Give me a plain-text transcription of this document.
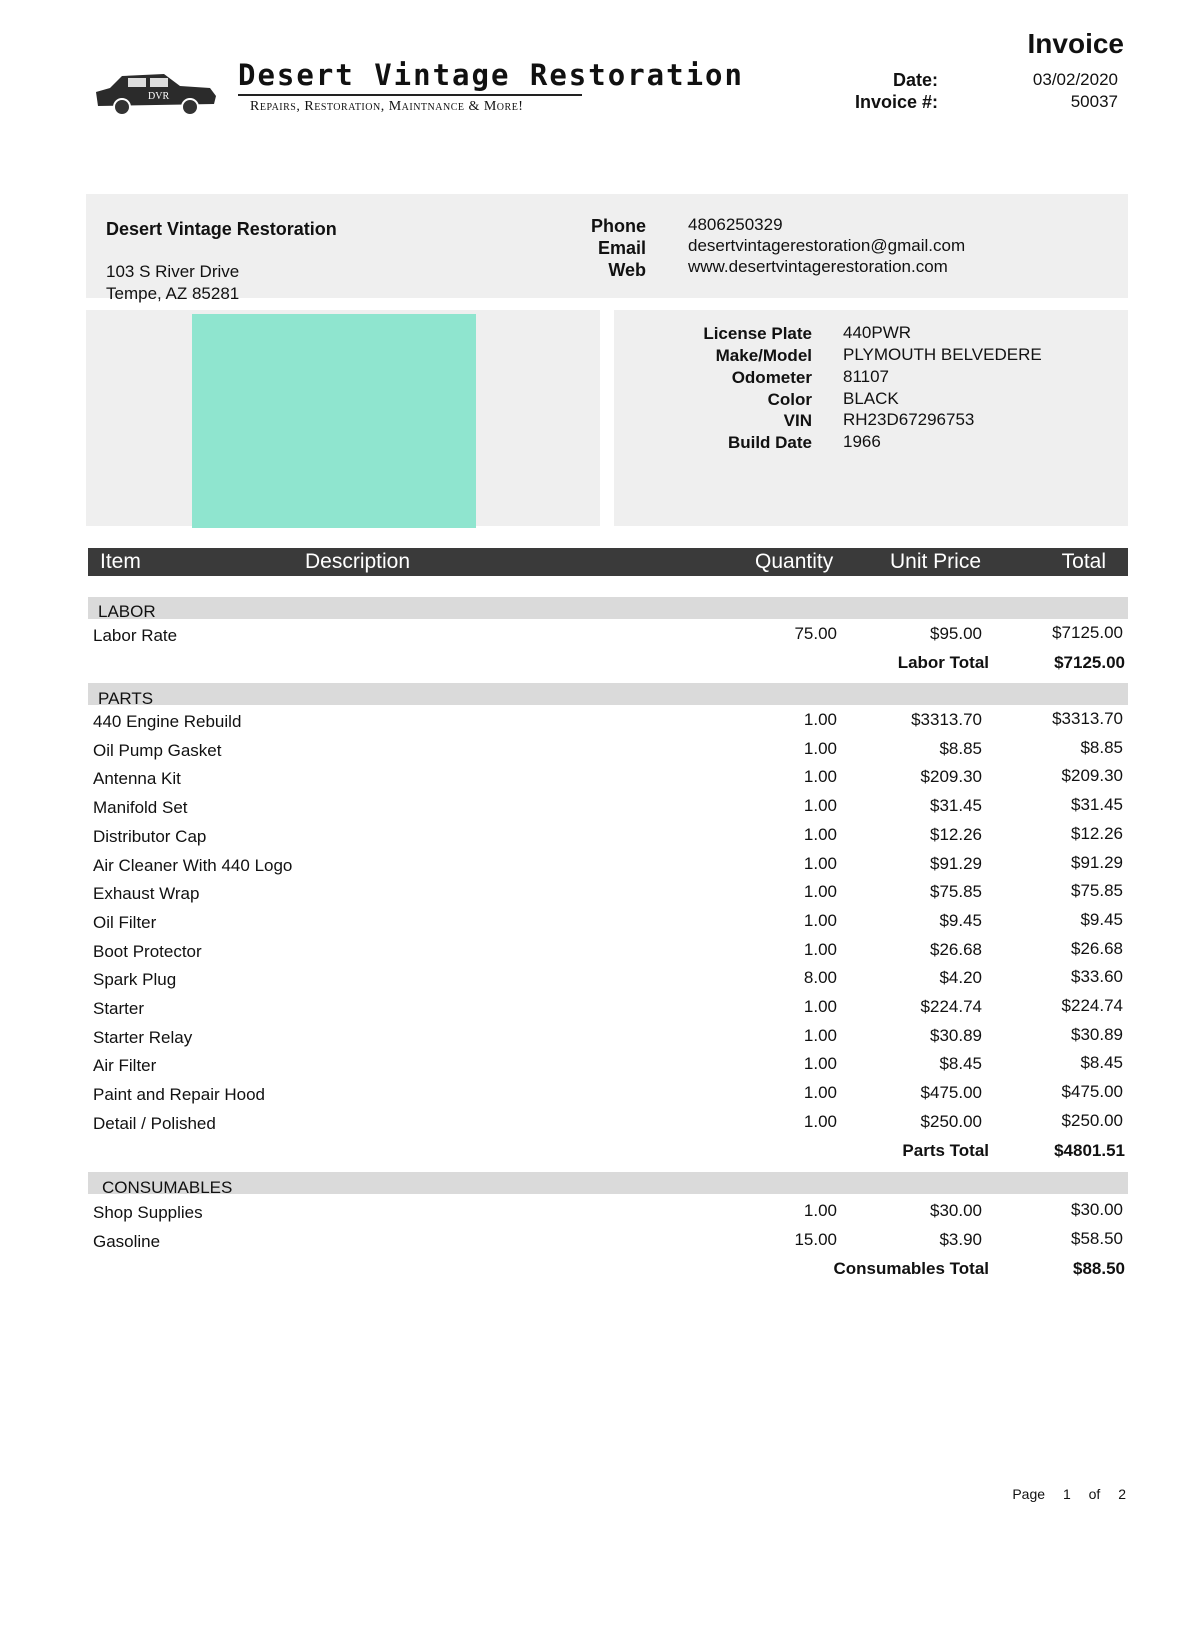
DVR
Desert Vintage Restoration
Repairs, Restoration, Maintnance & More!
Invoice
Date:	03/02/2020
Invoice #:	50037
Desert Vintage Restoration
103 S River Drive
Tempe, AZ 85281
Phone 4806250329
Email desertvintagerestoration@gmail.com
Web www.desertvintagerestoration.com
License Plate 440PWR
Make/Model PLYMOUTH BELVEDERE
Odometer 81107
Color BLACK
VIN RH23D67296753
Build Date 1966
Item	Description	Quantity	Unit Price	Total
LABOR
Labor Rate	75.00	$95.00	$7125.00
Labor Total	$7125.00
PARTS
440 Engine Rebuild	1.00	$3313.70	$3313.70
Oil Pump Gasket	1.00	$8.85	$8.85
Antenna Kit	1.00	$209.30	$209.30
Manifold Set	1.00	$31.45	$31.45
Distributor Cap	1.00	$12.26	$12.26
Air Cleaner With 440 Logo	1.00	$91.29	$91.29
Exhaust Wrap	1.00	$75.85	$75.85
Oil Filter	1.00	$9.45	$9.45
Boot Protector	1.00	$26.68	$26.68
Spark Plug	8.00	$4.20	$33.60
Starter	1.00	$224.74	$224.74
Starter Relay	1.00	$30.89	$30.89
Air Filter	1.00	$8.45	$8.45
Paint and Repair Hood	1.00	$475.00	$475.00
Detail / Polished	1.00	$250.00	$250.00
Parts Total	$4801.51
CONSUMABLES
Shop Supplies	1.00	$30.00	$30.00
Gasoline	15.00	$3.90	$58.50
Consumables Total	$88.50
Page 1 of 2
